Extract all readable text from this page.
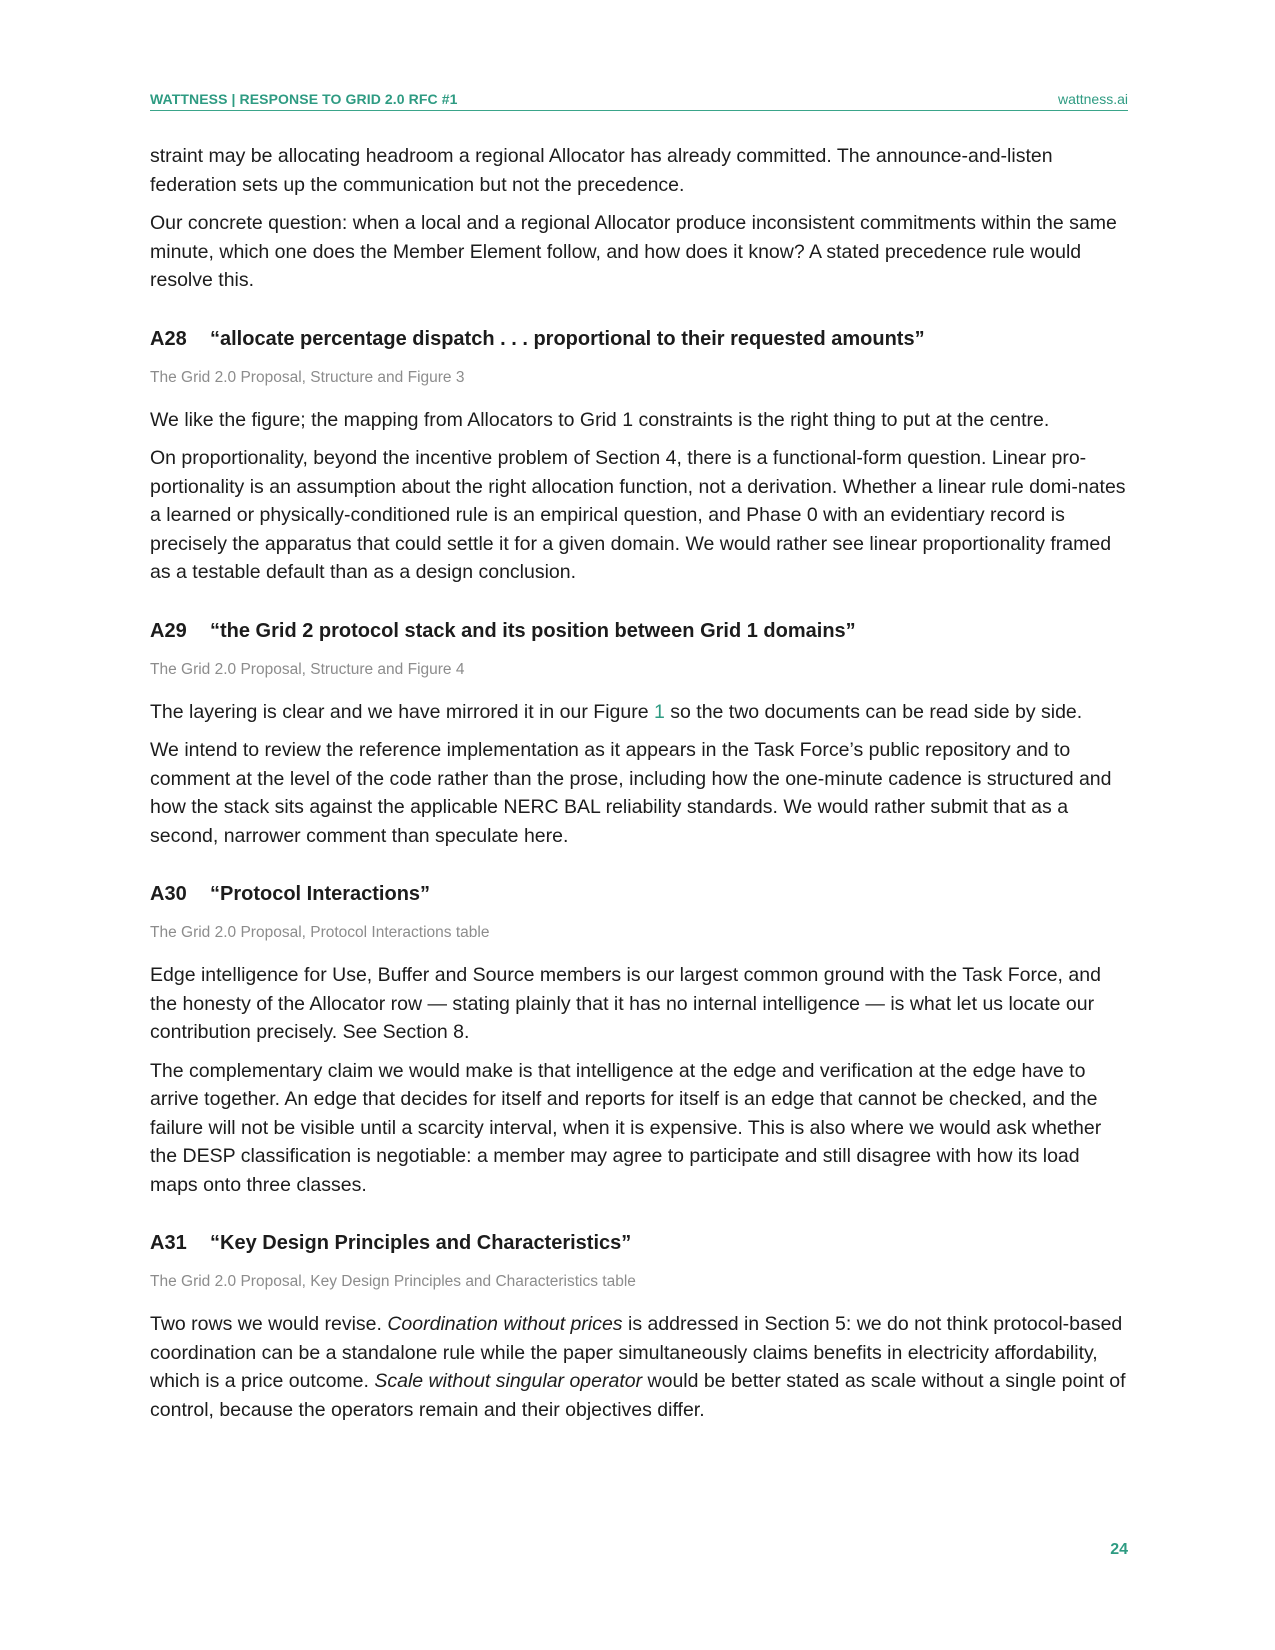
WATTNESS | RESPONSE TO GRID 2.0 RFC #1	wattness.ai

straint may be allocating headroom a regional Allocator has already committed. The announce-and-listen federation sets up the communication but not the precedence.

Our concrete question: when a local and a regional Allocator produce inconsistent commitments within the same minute, which one does the Member Element follow, and how does it know? A stated precedence rule would resolve this.

A28 “allocate percentage dispatch . . . proportional to their requested amounts”
The Grid 2.0 Proposal, Structure and Figure 3

We like the figure; the mapping from Allocators to Grid 1 constraints is the right thing to put at the centre.

On proportionality, beyond the incentive problem of Section 4, there is a functional-form question. Linear pro-portionality is an assumption about the right allocation function, not a derivation. Whether a linear rule domi-nates a learned or physically-conditioned rule is an empirical question, and Phase 0 with an evidentiary record is precisely the apparatus that could settle it for a given domain. We would rather see linear proportionality framed as a testable default than as a design conclusion.

A29 “the Grid 2 protocol stack and its position between Grid 1 domains”
The Grid 2.0 Proposal, Structure and Figure 4

The layering is clear and we have mirrored it in our Figure 1 so the two documents can be read side by side.

We intend to review the reference implementation as it appears in the Task Force’s public repository and to comment at the level of the code rather than the prose, including how the one-minute cadence is structured and how the stack sits against the applicable NERC BAL reliability standards. We would rather submit that as a second, narrower comment than speculate here.

A30 “Protocol Interactions”
The Grid 2.0 Proposal, Protocol Interactions table

Edge intelligence for Use, Buffer and Source members is our largest common ground with the Task Force, and the honesty of the Allocator row — stating plainly that it has no internal intelligence — is what let us locate our contribution precisely. See Section 8.

The complementary claim we would make is that intelligence at the edge and verification at the edge have to arrive together. An edge that decides for itself and reports for itself is an edge that cannot be checked, and the failure will not be visible until a scarcity interval, when it is expensive. This is also where we would ask whether the DESP classification is negotiable: a member may agree to participate and still disagree with how its load maps onto three classes.

A31 “Key Design Principles and Characteristics”
The Grid 2.0 Proposal, Key Design Principles and Characteristics table

Two rows we would revise. Coordination without prices is addressed in Section 5: we do not think protocol-based coordination can be a standalone rule while the paper simultaneously claims benefits in electricity affordability, which is a price outcome. Scale without singular operator would be better stated as scale without a single point of control, because the operators remain and their objectives differ.

24
